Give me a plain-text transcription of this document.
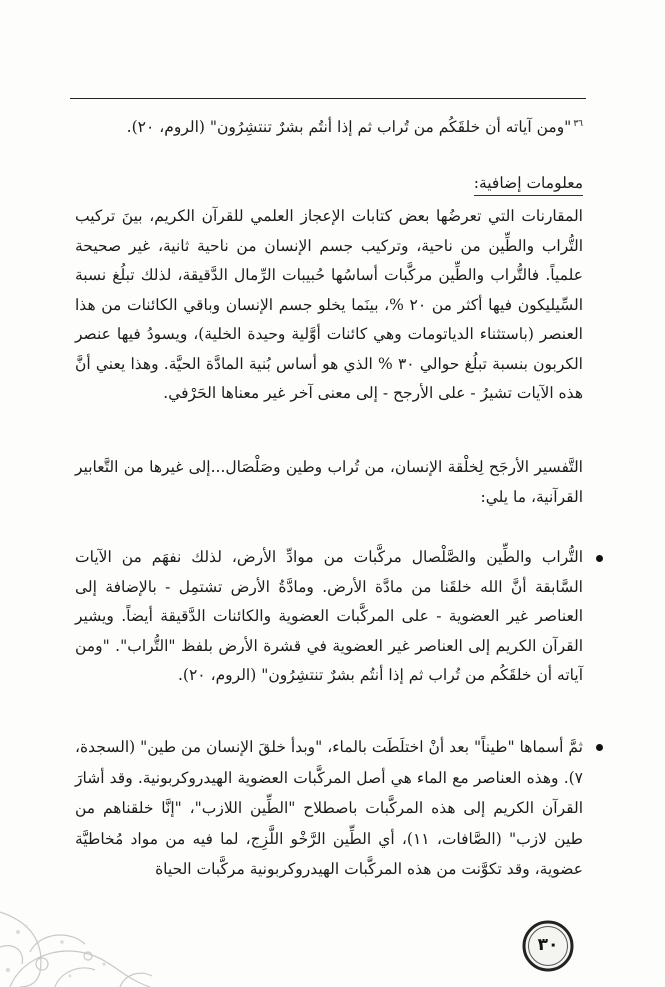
$^{٣٦}$"ومن آياته أن خلقَكُم من تُراب ثم إذا أنتُم بشرٌ تنتشِرُون" (الروم، ٢٠).
معلومات إضافية:
المقارنات التي تعرضُها بعض كتابات الإعجاز العلمي للقرآن الكريم، بينَ تركيب التُّراب والطِّين من ناحية، وتركيب جسم الإنسان من ناحية ثانية، غير صحيحة علمياً. فالتُّراب والطِّين مركَّبات أساسُها حُبيبات الرِّمال الدَّقيقة، لذلك تبلُغ نسبة السِّيليكون فيها أكثر من ٢٠ %، بينَما يخلو جسم الإنسان وباقي الكائنات من هذا العنصر (باستثناء الدياتومات وهي كائنات أوَّلية وحيدة الخلية)، ويسودُ فيها عنصر الكربون بنسبة تبلُغ حوالي ٣٠ % الذي هو أساس بُنية المادَّة الحيَّة. وهذا يعني أنَّ هذه الآيات تشيرُ - على الأرجح - إلى معنى آخر غير معناها الحَرْفي.
التَّفسير الأرجَح لِخلْقة الإنسان، من تُراب وطين وصَلْصَال...إلى غيرها من التَّعابير القرآنية، ما يلي:
التُّراب والطِّين والصَّلْصال مركَّبات من موادِّ الأرض، لذلك نفهَم من الآيات السَّابقة أنَّ الله خلقَنا من مادَّة الأرض. ومادَّةُ الأرض تشتمِل - بالإضافة إلى العناصر غير العضوية - على المركَّبات العضوية والكائنات الدَّقيقة أيضاً. ويشير القرآن الكريم إلى العناصر غير العضوية في قشرة الأرض بلفظ "التُّراب". "ومن آياته أن خلقَكُم من تُراب ثم إذا أنتُم بشرٌ تنتشِرُون" (الروم، ٢٠).
ثمَّ أسماها "طيناً" بعد أنْ اختلَطَت بالماء، "وبدأ خلقَ الإنسان من طين" (السجدة، ٧). وهذه العناصر مع الماء هي أصل المركَّبات العضوية الهيدروكربونية. وقد أشارَ القرآن الكريم إلى هذه المركَّبات باصطلاح "الطِّين اللازب"، "إنَّا خلقناهم من طين لازب" (الصَّافات، ١١)، أي الطِّين الرَّخْو اللَّزِج، لما فيه من مواد مُخاطيَّة عضوية، وقد تكوَّنت من هذه المركَّبات الهيدروكربونية مركَّبات الحياة
٣٠
